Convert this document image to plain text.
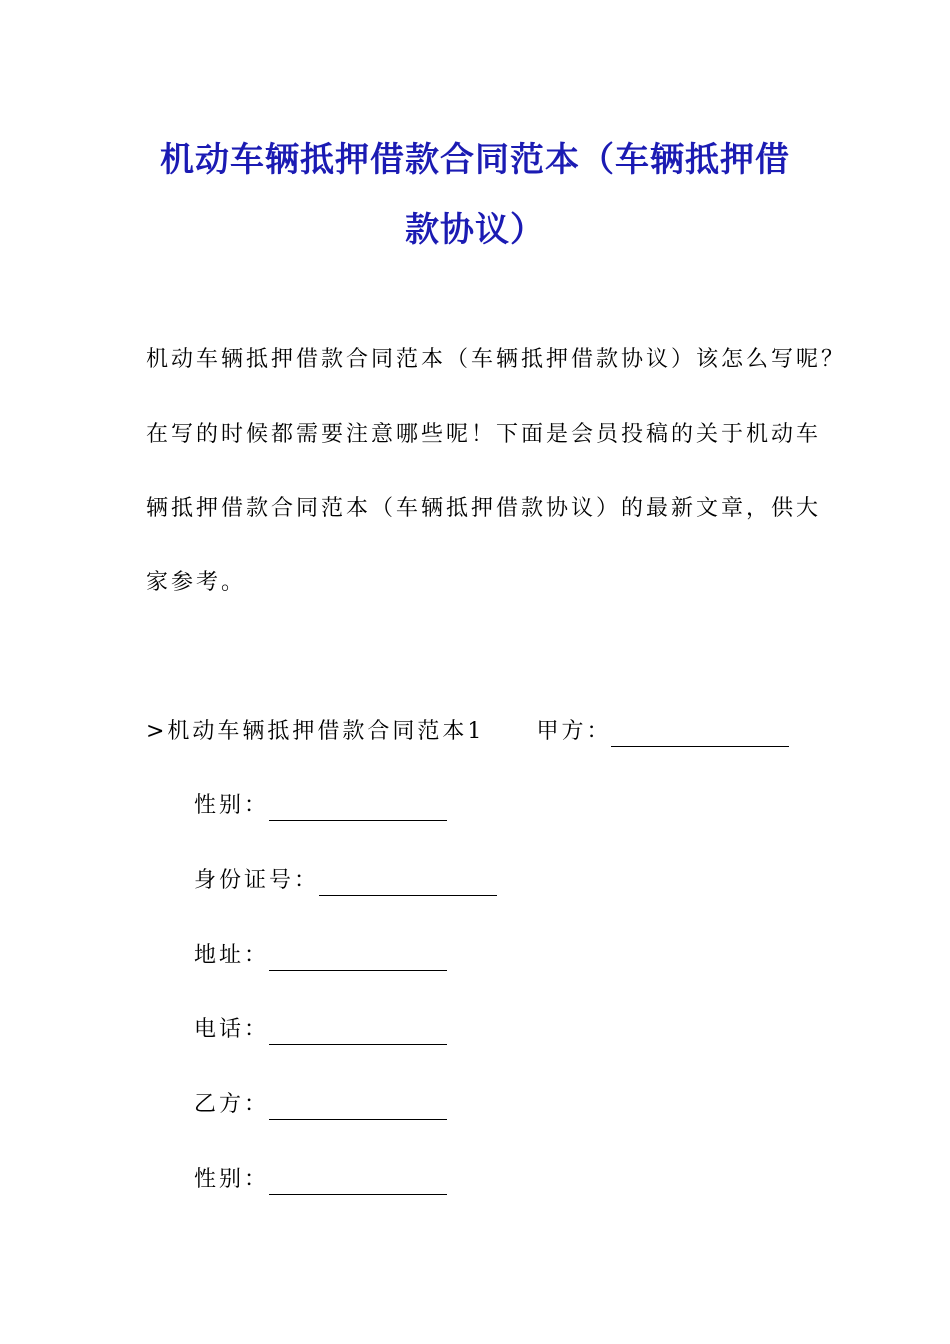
机动车辆抵押借款合同范本（车辆抵押借
款协议）
机动车辆抵押借款合同范本（车辆抵押借款协议）该怎么写呢？
在写的时候都需要注意哪些呢！下面是会员投稿的关于机动车
辆抵押借款合同范本（车辆抵押借款协议）的最新文章，供大
家参考。
>机动车辆抵押借款合同范本1 甲方：
性别：
身份证号：
地址：
电话：
乙方：
性别：
